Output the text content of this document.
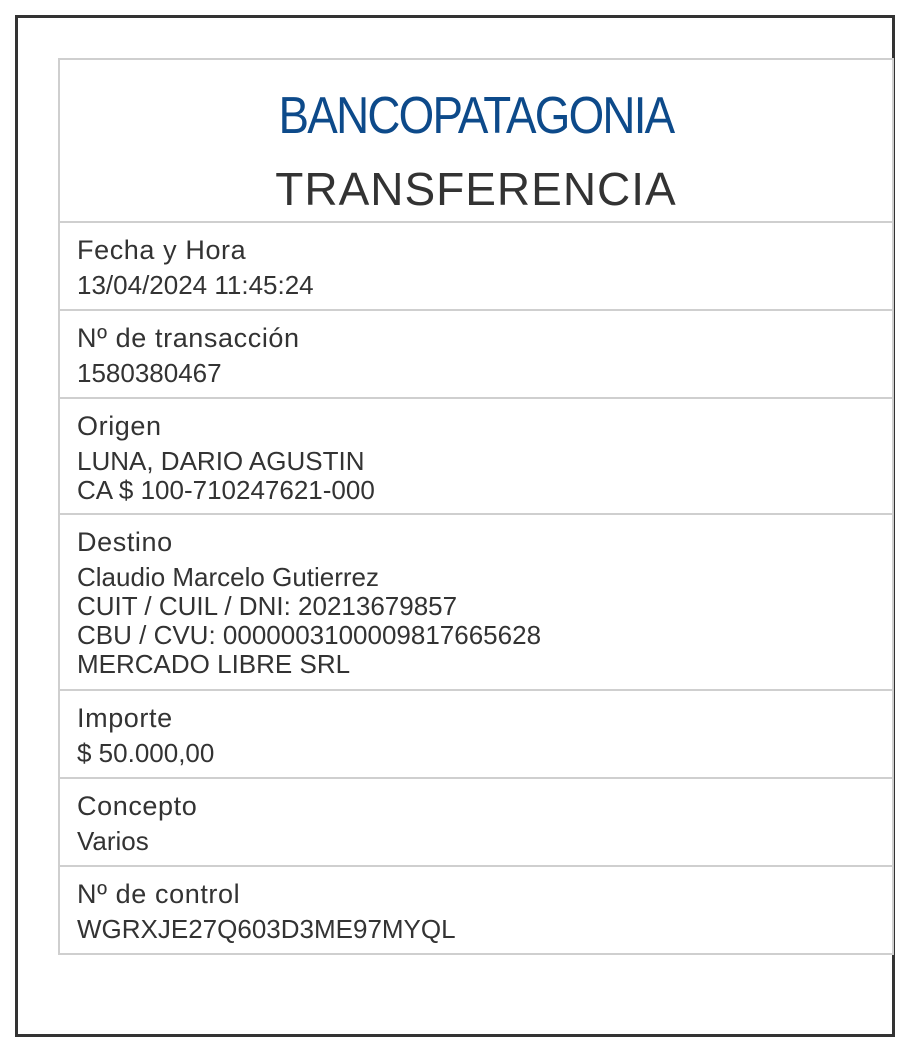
BANCOPATAGONIA
TRANSFERENCIA
Fecha y Hora
13/04/2024 11:45:24
Nº de transacción
1580380467
Origen
LUNA, DARIO AGUSTIN
CA $ 100-710247621-000
Destino
Claudio Marcelo Gutierrez
CUIT / CUIL / DNI: 20213679857
CBU / CVU: 0000003100009817665628
MERCADO LIBRE SRL
Importe
$ 50.000,00
Concepto
Varios
Nº de control
WGRXJE27Q603D3ME97MYQL
